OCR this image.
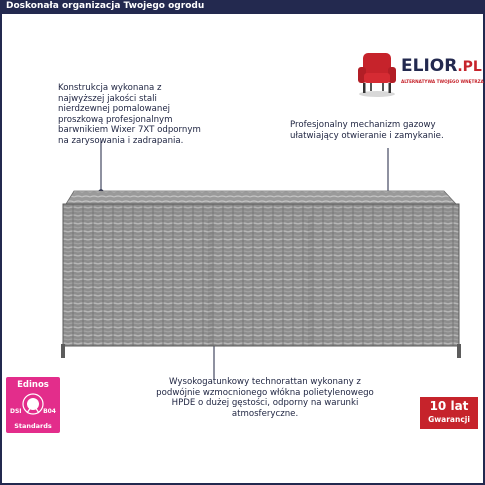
Doskonała organizacja Twojego ogrodu
ELIOR.PL
ALTERNATYWA TWOJEGO WNĘTRZA
Konstrukcja wykonana z najwyższej jakości stali nierdzewnej pomalowanej proszkową profesjonalnym barwnikiem Wixer 7XT odpornym na zarysowania i zadrapania.
Profesjonalny mechanizm gazowy ułatwiający otwieranie i zamykanie.
Wysokogatunkowy technorattan wykonany z podwójnie wzmocnionego włókna polietylenowego HPDE o dużej gęstości, odporny na warunki atmosferyczne.
Edinos
DSI	B04
Standards
10 lat
Gwarancji
